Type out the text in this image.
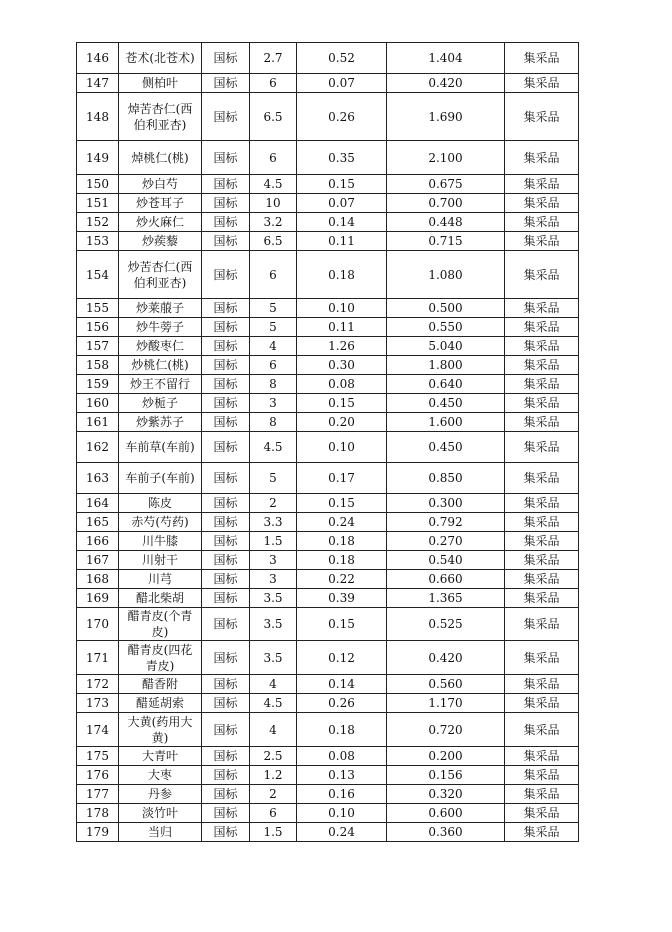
146	苍术(北苍术)	国标	2.7	0.52	1.404	集采品
147	侧柏叶	国标	6	0.07	0.420	集采品
148	焯苦杏仁(西伯利亚杏)	国标	6.5	0.26	1.690	集采品
149	焯桃仁(桃)	国标	6	0.35	2.100	集采品
150	炒白芍	国标	4.5	0.15	0.675	集采品
151	炒苍耳子	国标	10	0.07	0.700	集采品
152	炒火麻仁	国标	3.2	0.14	0.448	集采品
153	炒蒺藜	国标	6.5	0.11	0.715	集采品
154	炒苦杏仁(西伯利亚杏)	国标	6	0.18	1.080	集采品
155	炒莱菔子	国标	5	0.10	0.500	集采品
156	炒牛蒡子	国标	5	0.11	0.550	集采品
157	炒酸枣仁	国标	4	1.26	5.040	集采品
158	炒桃仁(桃)	国标	6	0.30	1.800	集采品
159	炒王不留行	国标	8	0.08	0.640	集采品
160	炒栀子	国标	3	0.15	0.450	集采品
161	炒紫苏子	国标	8	0.20	1.600	集采品
162	车前草(车前)	国标	4.5	0.10	0.450	集采品
163	车前子(车前)	国标	5	0.17	0.850	集采品
164	陈皮	国标	2	0.15	0.300	集采品
165	赤芍(芍药)	国标	3.3	0.24	0.792	集采品
166	川牛膝	国标	1.5	0.18	0.270	集采品
167	川射干	国标	3	0.18	0.540	集采品
168	川芎	国标	3	0.22	0.660	集采品
169	醋北柴胡	国标	3.5	0.39	1.365	集采品
170	醋青皮(个青皮)	国标	3.5	0.15	0.525	集采品
171	醋青皮(四花青皮)	国标	3.5	0.12	0.420	集采品
172	醋香附	国标	4	0.14	0.560	集采品
173	醋延胡索	国标	4.5	0.26	1.170	集采品
174	大黄(药用大黄)	国标	4	0.18	0.720	集采品
175	大青叶	国标	2.5	0.08	0.200	集采品
176	大枣	国标	1.2	0.13	0.156	集采品
177	丹参	国标	2	0.16	0.320	集采品
178	淡竹叶	国标	6	0.10	0.600	集采品
179	当归	国标	1.5	0.24	0.360	集采品
